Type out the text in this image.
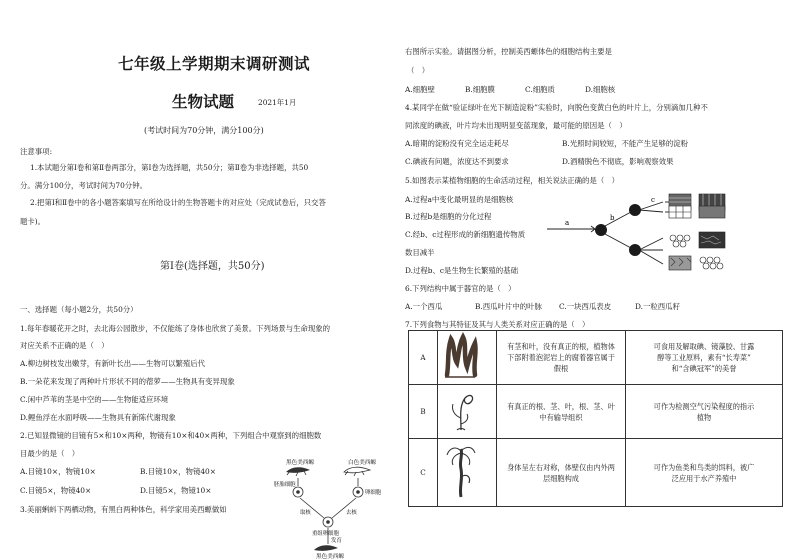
七年级上学期期末调研测试
生物试题	2021年1月
(考试时间为70分钟，满分100分)
注意事项:
1.本试题分第Ⅰ卷和第Ⅱ卷两部分，第Ⅰ卷为选择题，共50分；第Ⅱ卷为非选择题，共50
分。满分100分，考试时间为70分钟。
2.把第Ⅰ和Ⅱ卷中的各小题答案填写在所给设计的生物答题卡的对应处（完成试卷后，只交答
题卡)。
第Ⅰ卷(选择题，共50分)
一、选择题（每小题2分，共50分）
1.每年春暖花开之时，去北海公园散步，不仅能练了身体也欣赏了美景。下列场景与生命现象的
对应关系不正确的是（　）
A.柳边树枝发出嫩芽，有新叶长出——生物可以繁殖后代
B.一朵花来发现了两种叶片形状不同的蓿萝——生物具有变异现象
C.闲中芦苇的茎是中空的——生物能适应环境
D.鲤鱼浮在水面呼吸——生物具有新陈代谢现象
2.已知显微镜的目镜有5×和10×两种，物镜有10×和40×两种，下列组合中观察到的细胞数
目最少的是（　）
A.目镜10×，物镜10×	B.目镜10×，物镜40×
C.目镜5×，物镜40×	D.目镜5×，物镜10×
3.美丽蝌蚪下两栖动物，有黑白两种体色，科学家用美西螈做如
黑色美西螈	白色美西螈
胚胎细胞
卵细胞
取核	去核
重组卵细胞
发育
黑色美西螈
右图所示实验。请据图分析，控制美西螈体色的细胞结构主要是
（　）
A.细胞壁	B.细胞膜	C.细胞质	D.细胞核
4.某同学在做“验证绿叶在光下制造淀粉”实验时，向脱色变黄白色的叶片上，分别滴加几种不
同浓度的碘液，叶片均未出现明显变蓝现象，最可能的原因是（　）
A.暗期的淀粉没有完全运走耗尽	B.光照时间较短，不能产生足够的淀粉
C.碘液有问题，浓度达不到要求	D.酒精脱色不彻底，影响观察效果
5.如图表示某植物细胞的生命活动过程，相关说法正确的是（　）
A.过程a中变化最明显的是细胞核
B.过程b是细胞的分化过程
C.经b、c过程形成的新细胞遗传物质
数目减半
D.过程b、c是生物生长繁殖的基础
a
b
c
6.下列结构中属于器官的是（　）
A.一个西瓜	B.西瓜叶片中的叶脉 C.一块西瓜表皮	D.一粒西瓜籽
7.下列食物与其特征及其与人类关系对应正确的是（　）
A		有茎和叶，没有真正的根，植物体
下部附着泡泥岩上的腐着器官属于
假根	可食用及解取碘、镜藻胶、甘露
醇等工业原料，素有“长寿菜”
和“含碘冠军”的美誉

B		有真正的根、茎、叶，根、茎、叶
中有输导组织	可作为检测空气污染程度的指示
植物

C		身体呈左右对称，体壁仅由内外两
层细胞构成	可作为鱼类和鸟类的饵料，被广
泛应用于水产养殖中
